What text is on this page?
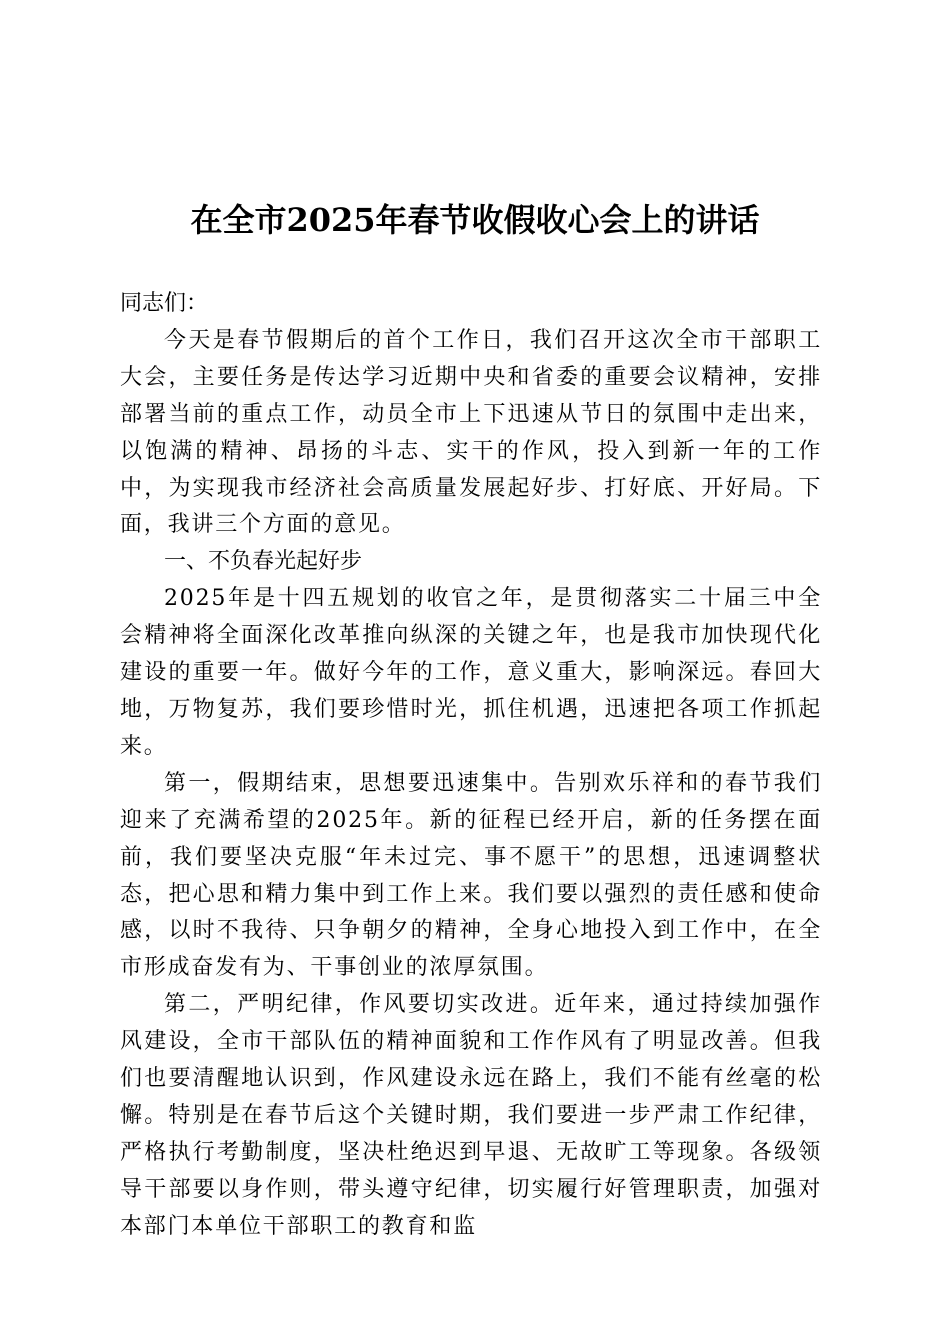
在全市2025年春节收假收心会上的讲话

同志们：

今天是春节假期后的首个工作日，我们召开这次全市干部职工大会，主要任务是传达学习近期中央和省委的重要会议精神，安排部署当前的重点工作，动员全市上下迅速从节日的氛围中走出来，以饱满的精神、昂扬的斗志、实干的作风，投入到新一年的工作中，为实现我市经济社会高质量发展起好步、打好底、开好局。下面，我讲三个方面的意见。

一、不负春光起好步

2025年是十四五规划的收官之年，是贯彻落实二十届三中全会精神将全面深化改革推向纵深的关键之年，也是我市加快现代化建设的重要一年。做好今年的工作，意义重大，影响深远。春回大地，万物复苏，我们要珍惜时光，抓住机遇，迅速把各项工作抓起来。

第一，假期结束，思想要迅速集中。告别欢乐祥和的春节我们迎来了充满希望的2025年。新的征程已经开启，新的任务摆在面前，我们要坚决克服“年未过完、事不愿干”的思想，迅速调整状态，把心思和精力集中到工作上来。我们要以强烈的责任感和使命感，以时不我待、只争朝夕的精神，全身心地投入到工作中，在全市形成奋发有为、干事创业的浓厚氛围。

第二，严明纪律，作风要切实改进。近年来，通过持续加强作风建设，全市干部队伍的精神面貌和工作作风有了明显改善。但我们也要清醒地认识到，作风建设永远在路上，我们不能有丝毫的松懈。特别是在春节后这个关键时期，我们要进一步严肃工作纪律，严格执行考勤制度，坚决杜绝迟到早退、无故旷工等现象。各级领导干部要以身作则，带头遵守纪律，切实履行好管理职责，加强对本部门本单位干部职工的教育和监
